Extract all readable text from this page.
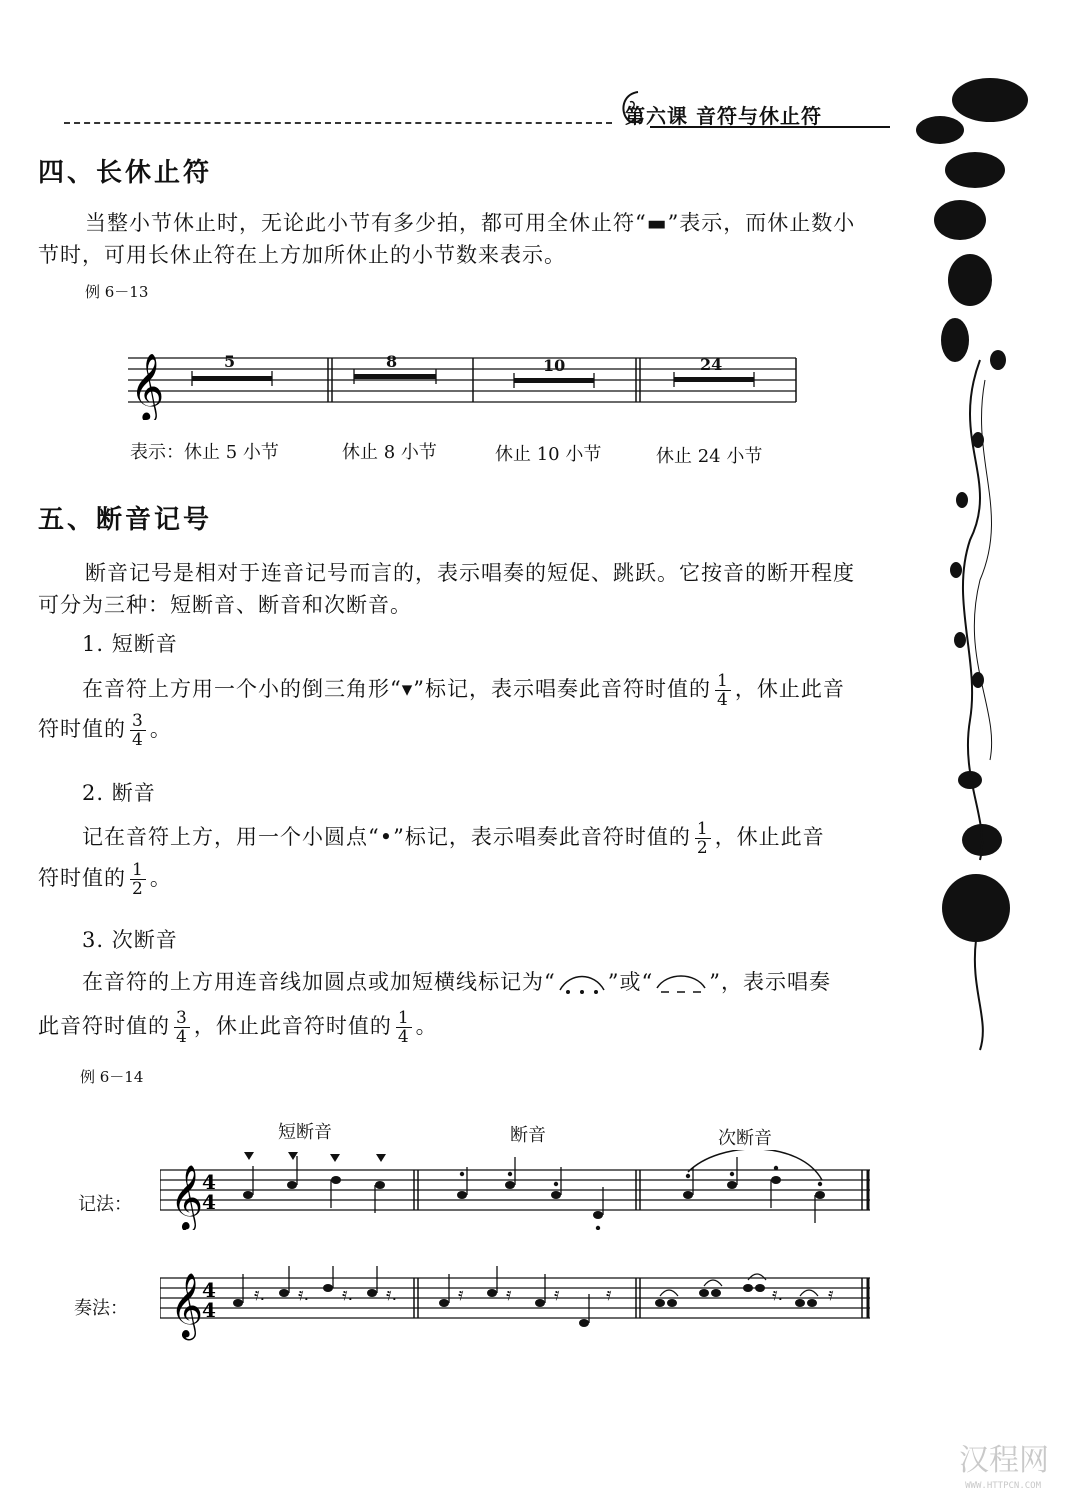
第六课 音符与休止符
四、长休止符
当整小节休止时，无论此小节有多少拍，都可用全休止符“▬”表示，而休止数小
节时，可用长休止符在上方加所休止的小节数来表示。
例 6－13
𝄞	5	8	10	24
表示：休止 5 小节	休止 8 小节	休止 10 小节	休止 24 小节
五、断音记号
断音记号是相对于连音记号而言的，表示唱奏的短促、跳跃。它按音的断开程度
可分为三种：短断音、断音和次断音。
1. 短断音
在音符上方用一个小的倒三角形“▾”标记，表示唱奏此音符时值的 $\frac{1}{4}$ ，休止此音
符时值的 $\frac{3}{4}$ 。
2. 断音
记在音符上方，用一个小圆点“•”标记，表示唱奏此音符时值的 $\frac{1}{2}$ ，休止此音
符时值的 $\frac{1}{2}$ 。
3. 次断音
在音符的上方用连音线加圆点或加短横线标记为“ ”或“	”，表示唱奏
此音符时值的 $\frac{3}{4}$ ，休止此音符时值的 $\frac{1}{4}$ 。
例 6－14
短断音	断音	次断音
记法：
奏法：
𝄞
4
4
𝄞
4
4
𝄿. 𝄿. 𝄿. 𝄿.	𝄿 𝄿 𝄿	𝄿	𝄿. 𝄿
汉程网
WWW.HTTPCN.COM
